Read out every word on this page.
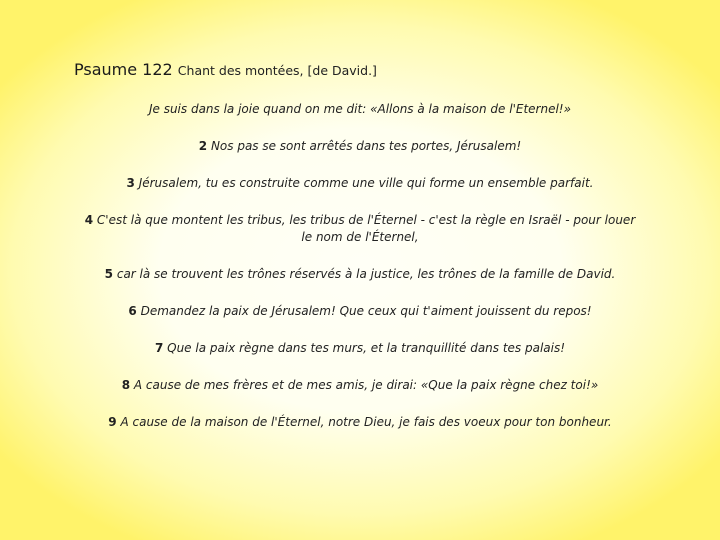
Psaume 122 Chant des montées, [de David.]

Je suis dans la joie quand on me dit: «Allons à la maison de l'Eternel!»

2 Nos pas se sont arrêtés dans tes portes, Jérusalem!

3 Jérusalem, tu es construite comme une ville qui forme un ensemble parfait.

4 C'est là que montent les tribus, les tribus de l'Éternel - c'est la règle en Israël - pour louer le nom de l'Éternel,

5 car là se trouvent les trônes réservés à la justice, les trônes de la famille de David.

6 Demandez la paix de Jérusalem! Que ceux qui t'aiment jouissent du repos!

7 Que la paix règne dans tes murs, et la tranquillité dans tes palais!

8 A cause de mes frères et de mes amis, je dirai: «Que la paix règne chez toi!»

9 A cause de la maison de l'Éternel, notre Dieu, je fais des voeux pour ton bonheur.
